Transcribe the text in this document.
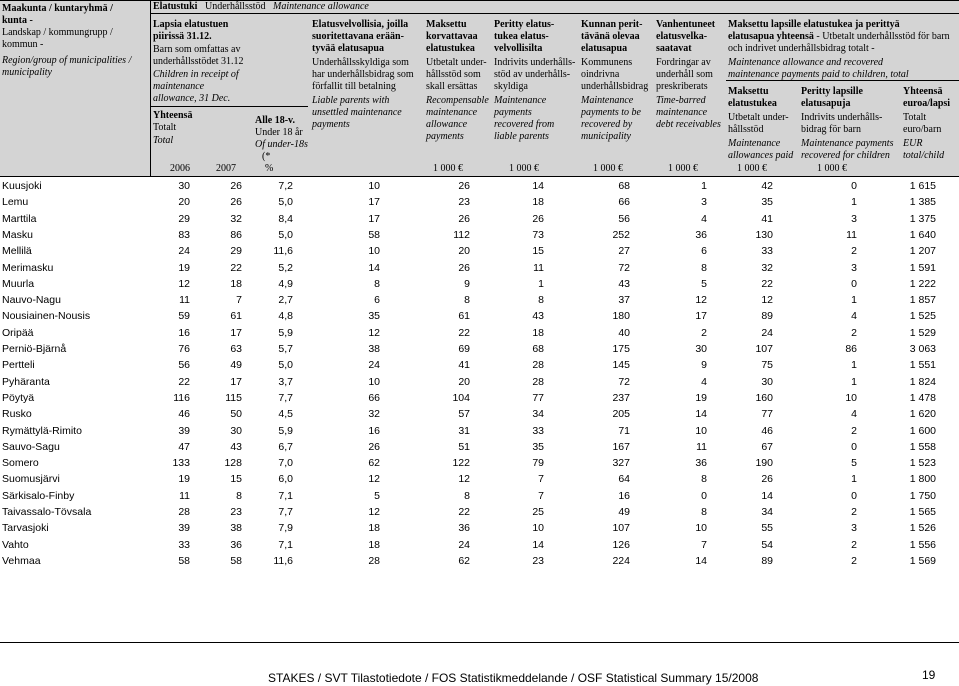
Maakunta / kuntaryhmä /
kunta -
Landskap / kommungrupp /
kommun -
Region/group of municipalities /
municipality
Elatustuki Underhållsstöd Maintenance allowance
Lapsia elatustuen
piirissä 31.12.
Barn som omfattas av
underhållsstödet 31.12
Children in receipt of
maintenance
allowance, 31 Dec.
Yhteensä
Totalt
Total
Alle 18-v.
Under 18 år
Of under-18s
(*
Elatusvelvollisia, joilla
suoritettavana erään-
tyvää elatusapua
Underhållsskyldiga som
har underhållsbidrag som
förfallit till betalning
Liable parents with
unsettled maintenance
payments
Maksettu
korvattavaa
elatustukea
Utbetalt under-
hållsstöd som
skall ersättas
Recompensable
maintenance
allowance
payments
Perittу elatus-
tukea elatus-
velvollisilta
Indrivits underhålls-
stöd av underhålls-
skyldiga
Maintenance
payments
recovered from
liable parents
Kunnan perit-
tävänä olevaa
elatusapua
Kommunens
oindrivna
underhållsbidrag
Maintenance
payments to be
recovered by
municipality
Vanhentuneet
elatusvelka-
saatavat
Fordringar av
underhåll som
preskriberats
Time-barred
maintenance
debt receivables
Maksettu lapsille elatustukea ja perittyä
elatusapua yhteensä - Utbetalt underhållsstöd för barn
och indrivet underhållsbidrag totalt -
Maintenance allowance and recovered
maintenance payments paid to children, total
Maksettu
elatustukea
Utbetalt under-
hållsstöd
Maintenance
allowances paid
Perittу lapsille
elatusapuja
Indrivits underhålls-
bidrag för barn
Maintenance payments
recovered for children
Yhteensä
euroa/lapsi
Totalt
euro/barn
EUR
total/child
2006	2007	%	1 000 €	1 000 €	1 000 €	1 000 €	1 000 €	1 000 €
Kuusjoki	30	26	7,2	10	26	14	68	1	42	0	1 615
Lemu	20	26	5,0	17	23	18	66	3	35	1	1 385
Marttila	29	32	8,4	17	26	26	56	4	41	3	1 375
Masku	83	86	5,0	58	112	73	252	36	130	11	1 640
Mellilä	24	29	11,6	10	20	15	27	6	33	2	1 207
Merimasku	19	22	5,2	14	26	11	72	8	32	3	1 591
Muurla	12	18	4,9	8	9	1	43	5	22	0	1 222
Nauvo-Nagu	11	7	2,7	6	8	8	37	12	12	1	1 857
Nousiainen-Nousis	59	61	4,8	35	61	43	180	17	89	4	1 525
Oripää	16	17	5,9	12	22	18	40	2	24	2	1 529
Perniö-Bjärnå	76	63	5,7	38	69	68	175	30	107	86	3 063
Pertteli	56	49	5,0	24	41	28	145	9	75	1	1 551
Pyhäranta	22	17	3,7	10	20	28	72	4	30	1	1 824
Pöytyä	116	115	7,7	66	104	77	237	19	160	10	1 478
Rusko	46	50	4,5	32	57	34	205	14	77	4	1 620
Rymättylä-Rimito	39	30	5,9	16	31	33	71	10	46	2	1 600
Sauvo-Sagu	47	43	6,7	26	51	35	167	11	67	0	1 558
Somero	133	128	7,0	62	122	79	327	36	190	5	1 523
Suomusjärvi	19	15	6,0	12	12	7	64	8	26	1	1 800
Särkisalo-Finby	11	8	7,1	5	8	7	16	0	14	0	1 750
Taivassalo-Tövsala	28	23	7,7	12	22	25	49	8	34	2	1 565
Tarvasjoki	39	38	7,9	18	36	10	107	10	55	3	1 526
Vahto	33	36	7,1	18	24	14	126	7	54	2	1 556
Vehmaa	58	58	11,6	28	62	23	224	14	89	2	1 569
STAKES / SVT Tilastotiedote / FOS Statistikmeddelande / OSF Statistical Summary 15/2008	19
